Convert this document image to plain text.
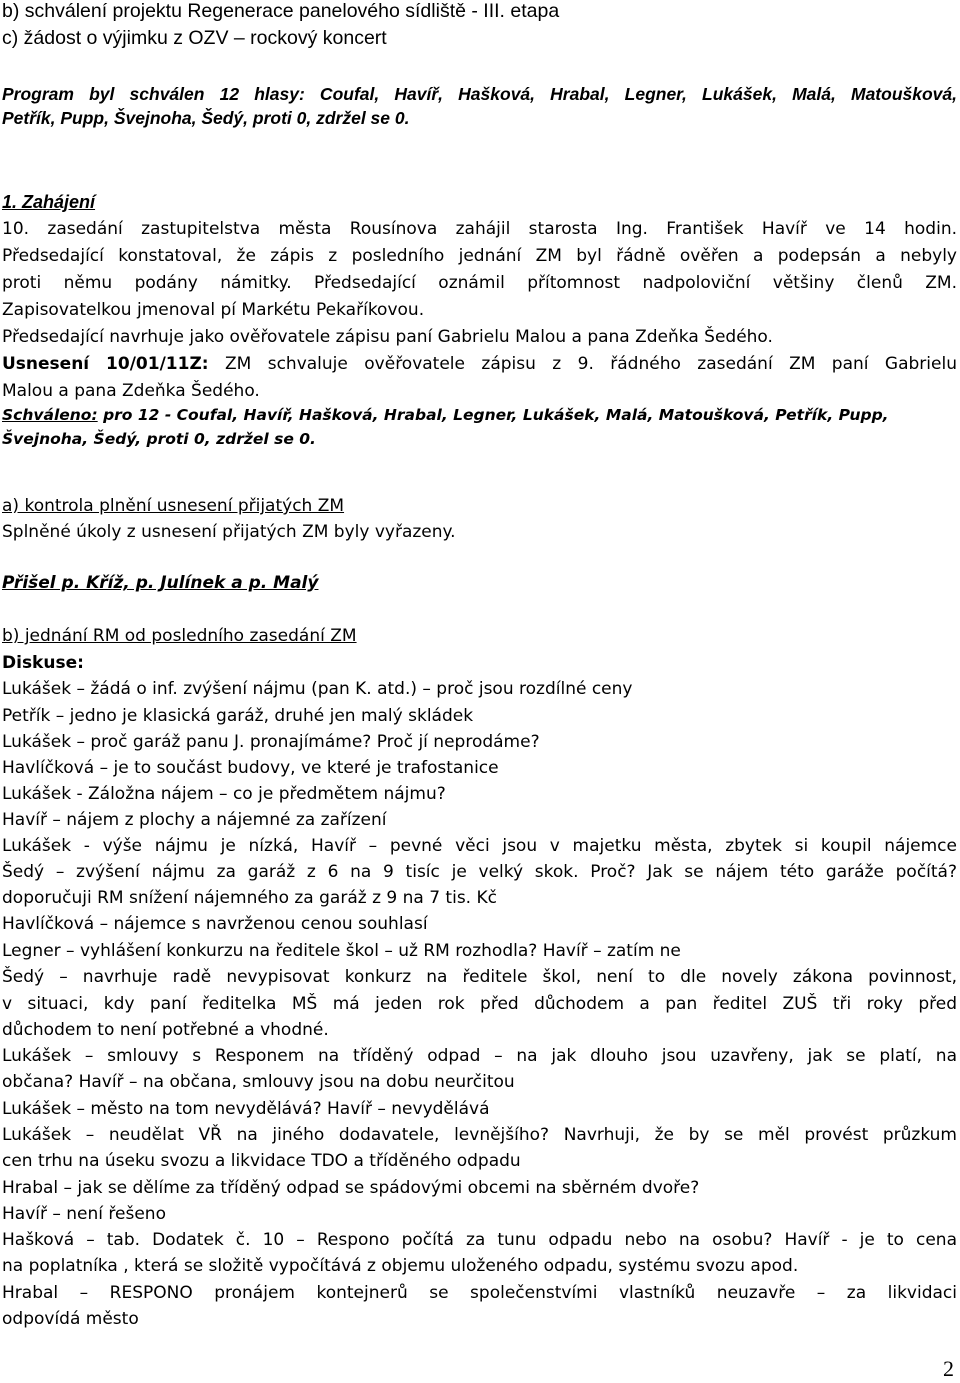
b) schválení projektu Regenerace panelového sídliště - III. etapa
c) žádost o výjimku z OZV – rockový koncert
Program byl schválen 12 hlasy: Coufal, Havíř, Hašková, Hrabal, Legner, Lukášek, Malá, Matoušková,
Petřík, Pupp, Švejnoha, Šedý, proti 0, zdržel se 0.
1. Zahájení
10. zasedání zastupitelstva města Rousínova zahájil starosta Ing. František Havíř ve 14 hodin.
Předsedající konstatoval, že zápis z posledního jednání ZM byl řádně ověřen a podepsán a nebyly
proti němu podány námitky. Předsedající oznámil přítomnost nadpoloviční většiny členů ZM.
Zapisovatelkou jmenoval pí Markétu Pekaříkovou.
Předsedající navrhuje jako ověřovatele zápisu paní Gabrielu Malou a pana Zdeňka Šedého.
Usnesení 10/01/11Z: ZM schvaluje ověřovatele zápisu z 9. řádného zasedání ZM paní Gabrielu
Malou a pana Zdeňka Šedého.
Schváleno: pro 12 - Coufal, Havíř, Hašková, Hrabal, Legner, Lukášek, Malá, Matoušková, Petřík, Pupp,
Švejnoha, Šedý, proti 0, zdržel se 0.
a) kontrola plnění usnesení přijatých ZM
Splněné úkoly z usnesení přijatých ZM byly vyřazeny.
Přišel p. Kříž, p. Julínek a p. Malý
b) jednání RM od posledního zasedání ZM
Diskuse:
Lukášek – žádá o inf. zvýšení nájmu (pan K. atd.) – proč jsou rozdílné ceny
Petřík – jedno je klasická garáž, druhé jen malý skládek
Lukášek – proč garáž panu J. pronajímáme? Proč jí neprodáme?
Havlíčková – je to součást budovy, ve které je trafostanice
Lukášek - Záložna nájem – co je předmětem nájmu?
Havíř – nájem z plochy a nájemné za zařízení
Lukášek - výše nájmu je nízká, Havíř – pevné věci jsou v majetku města, zbytek si koupil nájemce
Šedý – zvýšení nájmu za garáž z 6 na 9 tisíc je velký skok. Proč? Jak se nájem této garáže počítá?
doporučuji RM snížení nájemného za garáž z 9 na 7 tis. Kč
Havlíčková – nájemce s navrženou cenou souhlasí
Legner – vyhlášení konkurzu na ředitele škol – už RM rozhodla? Havíř – zatím ne
Šedý – navrhuje radě nevypisovat konkurz na ředitele škol, není to dle novely zákona povinnost,
v situaci, kdy paní ředitelka MŠ má jeden rok před důchodem a pan ředitel ZUŠ tři roky před
důchodem to není potřebné a vhodné.
Lukášek – smlouvy s Responem na tříděný odpad – na jak dlouho jsou uzavřeny, jak se platí, na
občana? Havíř – na občana, smlouvy jsou na dobu neurčitou
Lukášek – město na tom nevydělává? Havíř – nevydělává
Lukášek – neudělat VŘ na jiného dodavatele, levnějšího? Navrhuji, že by se měl provést průzkum
cen trhu na úseku svozu a likvidace TDO a tříděného odpadu
Hrabal – jak se dělíme za tříděný odpad se spádovými obcemi na sběrném dvoře?
Havíř – není řešeno
Hašková – tab. Dodatek č. 10 – Respono počítá za tunu odpadu nebo na osobu? Havíř - je to cena
na poplatníka , která se složitě vypočítává z objemu uloženého odpadu, systému svozu apod.
Hrabal – RESPONO pronájem kontejnerů se společenstvími vlastníků neuzavře – za likvidaci
odpovídá město
2
